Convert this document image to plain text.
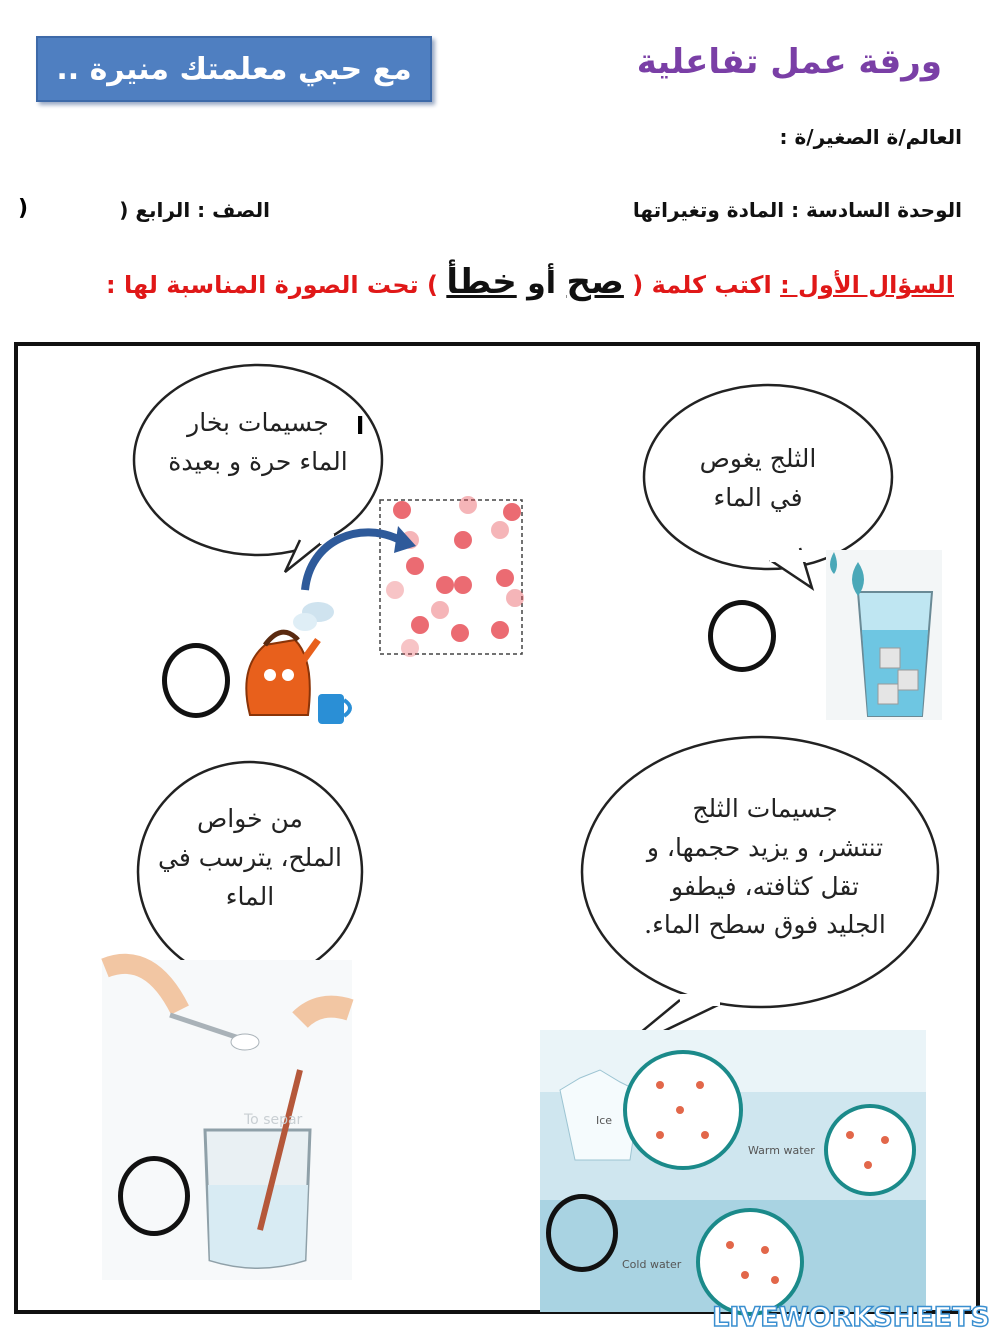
مع حبي معلمتك منيرة ..	ورقة عمل تفاعلية
العالم/ة الصغير/ة :
الوحدة السادسة : المادة وتغيراتها
الصف : الرابع (
)
السؤال الأول : اكتب كلمة ( صح أو خطأ ) تحت الصورة المناسبة لها :
جسيمات بخار
الماء حرة و بعيدة
ا
الثلج يغوص
في الماء
من خواص
الملح، يترسب في
الماء
جسيمات الثلج
تنتشر، و يزيد حجمها، و
تقل كثافته، فيطفو
الجليد فوق سطح الماء.
Ice
Warm water
Cold water
To separ
LIVEWORKSHEETS
